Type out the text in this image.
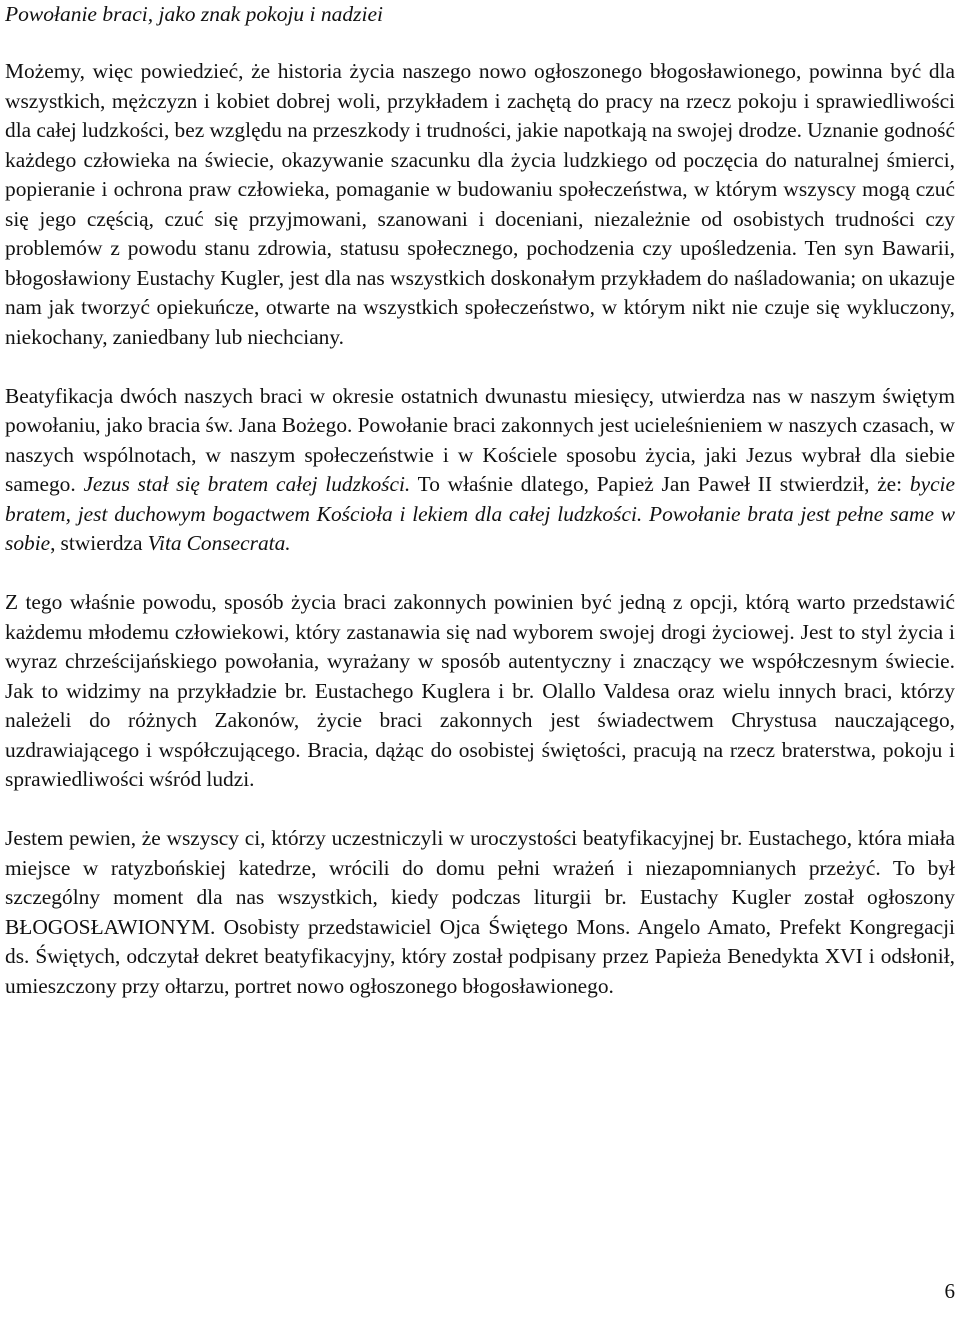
Powołanie braci, jako znak pokoju i nadziei

Możemy, więc powiedzieć, że historia życia naszego nowo ogłoszonego błogosławionego, powinna być dla wszystkich, mężczyzn i kobiet dobrej woli, przykładem i zachętą do pracy na rzecz pokoju i sprawiedliwości dla całej ludzkości, bez względu na przeszkody i trudności, jakie napotkają na swojej drodze. Uznanie godność każdego człowieka na świecie, okazywanie szacunku dla życia ludzkiego od poczęcia do naturalnej śmierci, popieranie i ochrona praw człowieka, pomaganie w budowaniu społeczeństwa, w którym wszyscy mogą czuć się jego częścią, czuć się przyjmowani, szanowani i doceniani, niezależnie od osobistych trudności czy problemów z powodu stanu zdrowia, statusu społecznego, pochodzenia czy upośledzenia. Ten syn Bawarii, błogosławiony Eustachy Kugler, jest dla nas wszystkich doskonałym przykładem do naśladowania; on ukazuje nam jak tworzyć opiekuńcze, otwarte na wszystkich społeczeństwo, w którym nikt nie czuje się wykluczony, niekochany, zaniedbany lub niechciany.

Beatyfikacja dwóch naszych braci w okresie ostatnich dwunastu miesięcy, utwierdza nas w naszym świętym powołaniu, jako bracia św. Jana Bożego. Powołanie braci zakonnych jest ucieleśnieniem w naszych czasach, w naszych wspólnotach, w naszym społeczeństwie i w Kościele sposobu życia, jaki Jezus wybrał dla siebie samego. Jezus stał się bratem całej ludzkości. To właśnie dlatego, Papież Jan Paweł II stwierdził, że: bycie bratem, jest duchowym bogactwem Kościoła i lekiem dla całej ludzkości. Powołanie brata jest pełne same w sobie, stwierdza Vita Consecrata.

Z tego właśnie powodu, sposób życia braci zakonnych powinien być jedną z opcji, którą warto przedstawić każdemu młodemu człowiekowi, który zastanawia się nad wyborem swojej drogi życiowej. Jest to styl życia i wyraz chrześcijańskiego powołania, wyrażany w sposób autentyczny i znaczący we współczesnym świecie. Jak to widzimy na przykładzie br. Eustachego Kuglera i br. Olallo Valdesa oraz wielu innych braci, którzy należeli do różnych Zakonów, życie braci zakonnych jest świadectwem Chrystusa nauczającego, uzdrawiającego i współczującego. Bracia, dążąc do osobistej świętości, pracują na rzecz braterstwa, pokoju i sprawiedliwości wśród ludzi.

Jestem pewien, że wszyscy ci, którzy uczestniczyli w uroczystości beatyfikacyjnej br. Eustachego, która miała miejsce w ratyzbońskiej katedrze, wrócili do domu pełni wrażeń i niezapomnianych przeżyć. To był szczególny moment dla nas wszystkich, kiedy podczas liturgii br. Eustachy Kugler został ogłoszony BŁOGOSŁAWIONYM. Osobisty przedstawiciel Ojca Świętego Mons. Angelo Amato, Prefekt Kongregacji ds. Świętych, odczytał dekret beatyfikacyjny, który został podpisany przez Papieża Benedykta XVI i odsłonił, umieszczony przy ołtarzu, portret nowo ogłoszonego błogosławionego.

6
